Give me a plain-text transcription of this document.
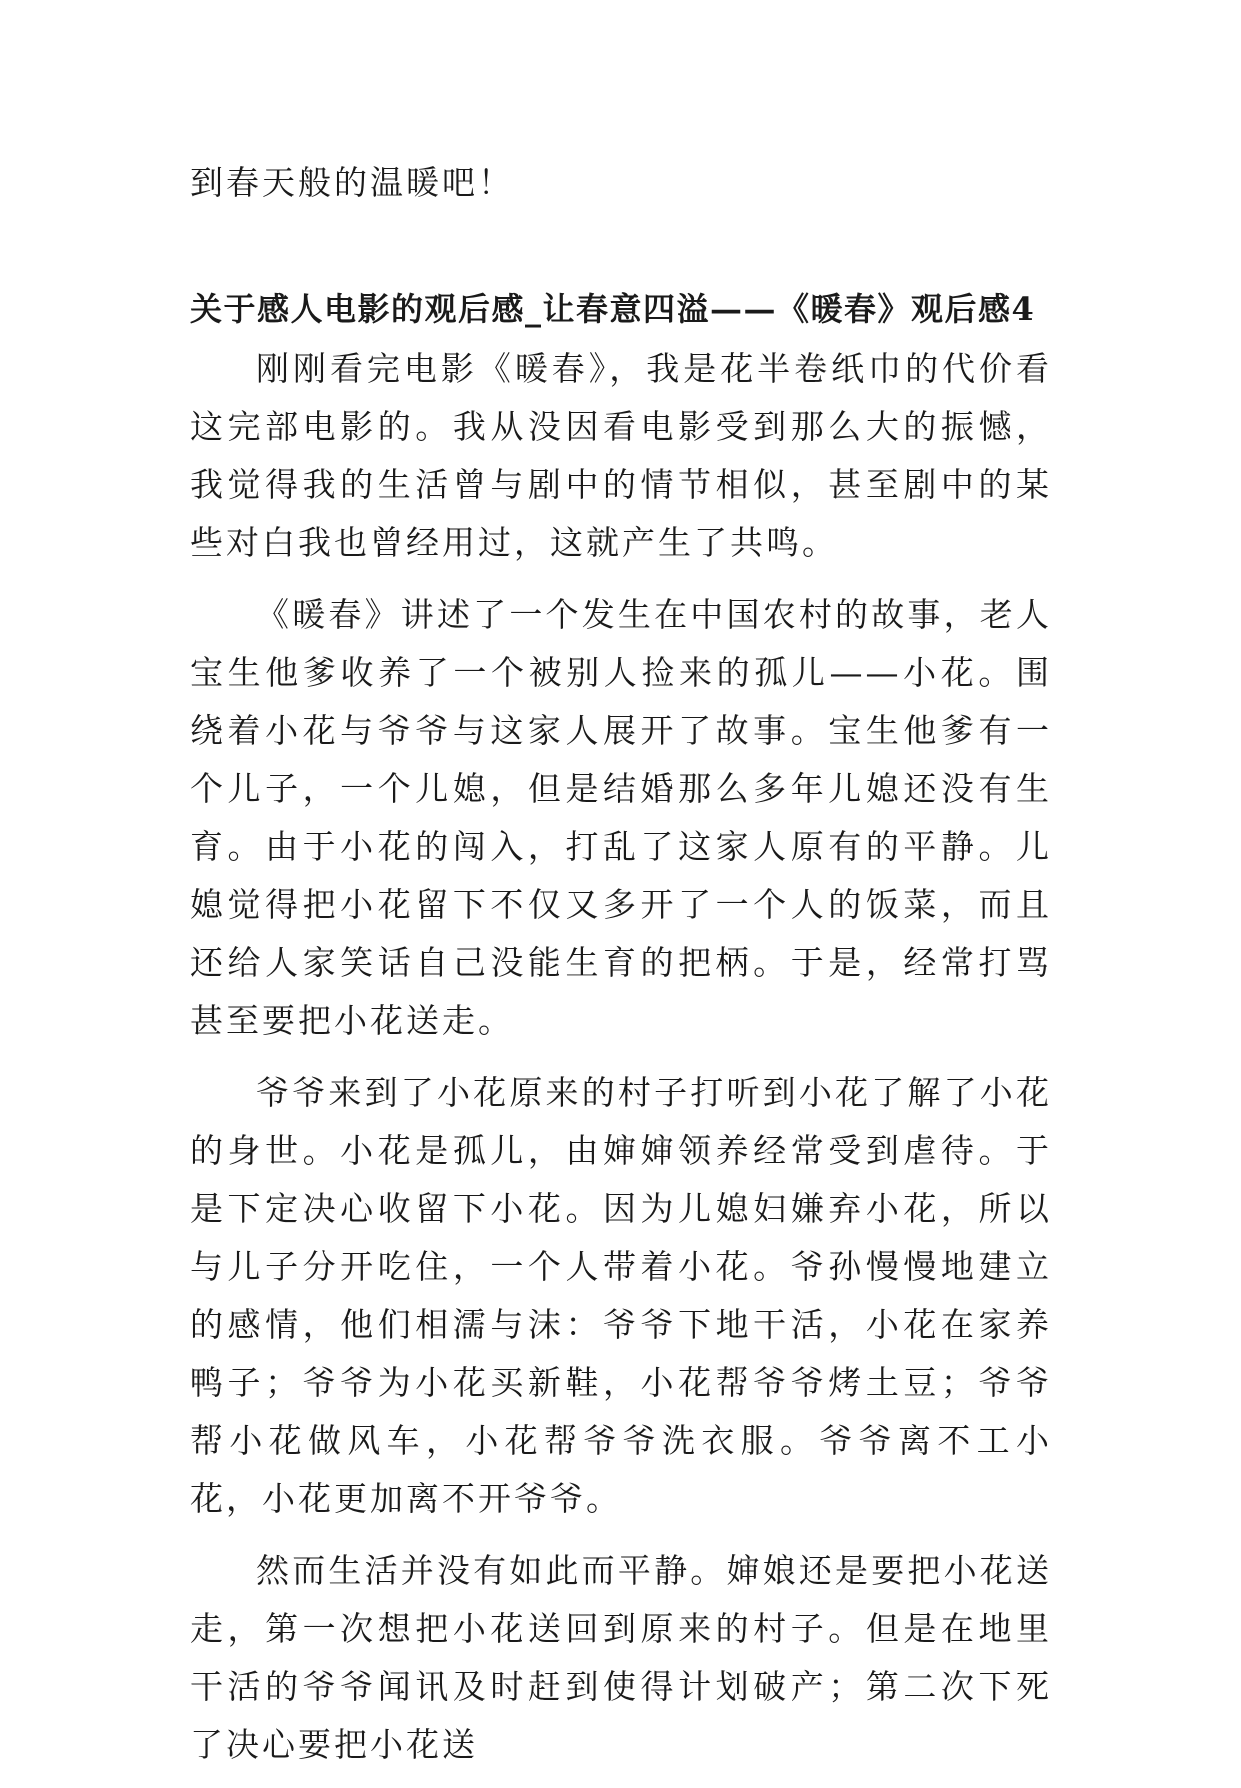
到春天般的温暖吧！

关于感人电影的观后感_让春意四溢——《暖春》观后感4

刚刚看完电影《暖春》，我是花半卷纸巾的代价看这完部电影的。我从没因看电影受到那么大的振憾，我觉得我的生活曾与剧中的情节相似，甚至剧中的某些对白我也曾经用过，这就产生了共鸣。

《暖春》讲述了一个发生在中国农村的故事，老人宝生他爹收养了一个被别人捡来的孤儿——小花。围绕着小花与爷爷与这家人展开了故事。宝生他爹有一个儿子，一个儿媳，但是结婚那么多年儿媳还没有生育。由于小花的闯入，打乱了这家人原有的平静。儿媳觉得把小花留下不仅又多开了一个人的饭菜，而且还给人家笑话自己没能生育的把柄。于是，经常打骂甚至要把小花送走。

爷爷来到了小花原来的村子打听到小花了解了小花的身世。小花是孤儿，由婶婶领养经常受到虐待。于是下定决心收留下小花。因为儿媳妇嫌弃小花，所以与儿子分开吃住，一个人带着小花。爷孙慢慢地建立的感情，他们相濡与沫：爷爷下地干活，小花在家养鸭子；爷爷为小花买新鞋，小花帮爷爷烤土豆；爷爷帮小花做风车，小花帮爷爷洗衣服。爷爷离不工小花，小花更加离不开爷爷。

然而生活并没有如此而平静。婶娘还是要把小花送走，第一次想把小花送回到原来的村子。但是在地里干活的爷爷闻讯及时赶到使得计划破产；第二次下死了决心要把小花送
